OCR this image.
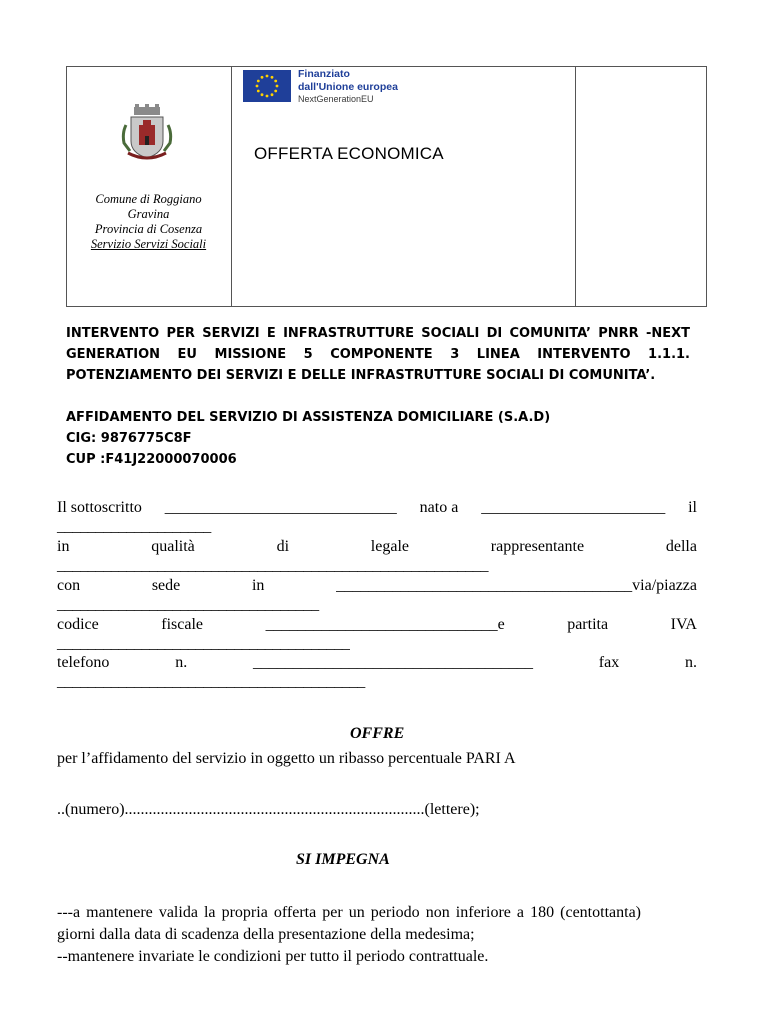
Comune di Roggiano
Gravina
Provincia di Cosenza
Servizio Servizi Sociali
Finanziato
dall'Unione europea
NextGenerationEU
OFFERTA ECONOMICA
INTERVENTO PER SERVIZI E INFRASTRUTTURE SOCIALI DI COMUNITA’ PNRR -NEXT
GENERATION EU MISSIONE 5 COMPONENTE 3 LINEA INTERVENTO 1.1.1.
POTENZIAMENTO DEI SERVIZI E DELLE INFRASTRUTTURE SOCIALI DI COMUNITA’.
AFFIDAMENTO DEL SERVIZIO DI ASSISTENZA DOMICILIARE (S.A.D)
CIG: 9876775C8F
CUP :F41J22000070006
Il sottoscritto _____________________________ nato a _______________________ il
____________________
in	qualità	di	legale	rappresentante	della
________________________________________________________
con	sede	in	_____________________________________via/piazza
__________________________________
codice	fiscale	_____________________________e	partita	IVA
______________________________________
telefono	n.	___________________________________	fax	n.
________________________________________
OFFRE
per l’affidamento del servizio in oggetto un ribasso percentuale PARI A
..(numero)...........................................................................(lettere);
SI IMPEGNA
---a mantenere valida la propria offerta per un periodo non inferiore a 180 (centottanta) giorni dalla data di scadenza della presentazione della medesima;
--mantenere invariate le condizioni per tutto il periodo contrattuale.
